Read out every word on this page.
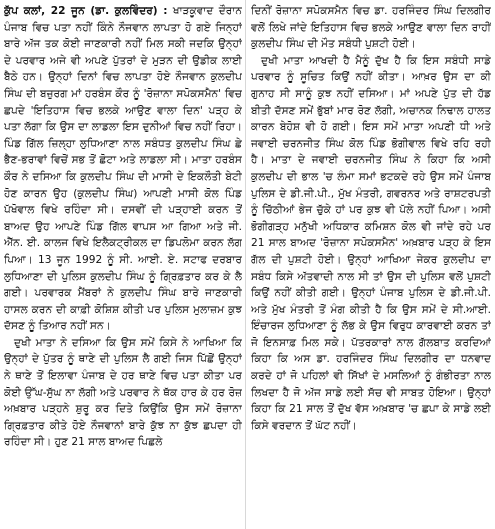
ਕੁੱਪ ਕਲਾਂ, 22 ਜੂਨ (ਡਾ. ਕੁਲਵਿੰਦਰ) : ਖਾੜਕੂਵਾਦ ਦੌਰਾਨ ਪੰਜਾਬ ਵਿਚ ਪਤਾ ਨਹੀਂ ਕਿੰਨੇ ਨੌਜਵਾਨ ਲਾਪਤਾ ਹੋ ਗਏ ਜਿਨ੍ਹਾਂ ਬਾਰੇ ਅੱਜ ਤਕ ਕੋਈ ਜਾਣਕਾਰੀ ਨਹੀਂ ਮਿਲ ਸਕੀ ਜਦਕਿ ਉਨ੍ਹਾਂ ਦੇ ਪਰਵਾਰ ਅਜੇ ਵੀ ਅਪਣੇ ਪੁੱਤਰਾਂ ਦੇ ਮੁੜਨ ਦੀ ਉਡੀਕ ਲਾਈ ਬੈਠੇ ਹਨ। ਉਨ੍ਹਾਂ ਦਿਨਾਂ ਵਿਚ ਲਾਪਤਾ ਹੋਏ ਨੌਜਵਾਨ ਕੁਲਦੀਪ ਸਿੰਘ ਦੀ ਬਜ਼ੁਰਗ ਮਾਂ ਹਰਬੰਸ ਕੌਰ ਨੂੰ 'ਰੋਜ਼ਾਨਾ ਸਪੋਕਸਮੈਨ' ਵਿਚ ਛਪਦੇ 'ਇਤਿਹਾਸ ਵਿਚ ਭਲਕੇ ਆਉਣ ਵਾਲਾ ਦਿਨ' ਪੜ੍ਹ ਕੇ ਪਤਾ ਲੱਗਾ ਕਿ ਉਸ ਦਾ ਲਾਡਲਾ ਇਸ ਦੁਨੀਆਂ ਵਿਚ ਨਹੀਂ ਰਿਹਾ। ਪਿੰਡ ਗਿੱਲ ਜ਼ਿਲ੍ਹਾ ਲੁਧਿਆਣਾ ਨਾਲ ਸਬੰਧਤ ਕੁਲਦੀਪ ਸਿੰਘ ਛੇ ਭੈਣ-ਭਰਾਵਾਂ ਵਿਚੋਂ ਸਭ ਤੋਂ ਛੋਟਾ ਅਤੇ ਲਾਡਲਾ ਸੀ। ਮਾਤਾ ਹਰਬੰਸ ਕੌਰ ਨੇ ਦਸਿਆ ਕਿ ਕੁਲਦੀਪ ਸਿੰਘ ਦੀ ਮਾਸੀ ਦੇ ਇਕਲੌਤੀ ਬੇਟੀ ਹੋਣ ਕਾਰਨ ਉਹ (ਕੁਲਦੀਪ ਸਿੰਘ) ਆਪਣੀ ਮਾਸੀ ਕੋਲ ਪਿੰਡ ਪੱਖੋਵਾਲ ਵਿਖੇ ਰਹਿੰਦਾ ਸੀ। ਦਸਵੀਂ ਦੀ ਪੜ੍ਹਾਈ ਕਰਨ ਤੋਂ ਬਾਅਦ ਉਹ ਆਪਣੇ ਪਿੰਡ ਗਿੱਲ ਵਾਪਸ ਆ ਗਿਆ ਅਤੇ ਜੀ. ਐੱਨ. ਈ. ਕਾਲਜ ਵਿਖੇ ਇਲੈਕਟ੍ਰੀਕਲ ਦਾ ਡਿਪਲੋਮਾ ਕਰਨ ਲੱਗ ਪਿਆ। 13 ਜੂਨ 1992 ਨੂੰ ਸੀ. ਆਈ. ਏ. ਸਟਾਫ ਦਰਬਾਰ ਲੁਧਿਆਣਾ ਦੀ ਪੁਲਿਸ ਕੁਲਦੀਪ ਸਿੰਘ ਨੂੰ ਗ੍ਰਿਫ਼ਤਾਰ ਕਰ ਕੇ ਲੈ ਗਈ। ਪਰਵਾਰਕ ਮੈਂਬਰਾਂ ਨੇ ਕੁਲਦੀਪ ਸਿੰਘ ਬਾਰੇ ਜਾਣਕਾਰੀ ਹਾਸਲ ਕਰਨ ਦੀ ਕਾਫ਼ੀ ਕੋਸ਼ਿਸ਼ ਕੀਤੀ ਪਰ ਪੁਲਿਸ ਮੁਲਾਜ਼ਮ ਕੁਝ ਦੱਸਣ ਨੂੰ ਤਿਆਰ ਨਹੀਂ ਸਨ।

ਦੁਖੀ ਮਾਤਾ ਨੇ ਦਸਿਆ ਕਿ ਉਸ ਸਮੇਂ ਕਿਸੇ ਨੇ ਆਖਿਆ ਕਿ ਉਨ੍ਹਾਂ ਦੇ ਪੁੱਤਰ ਨੂੰ ਥਾਣੇ ਦੀ ਪੁਲਿਸ ਲੈ ਗਈ ਜਿਸ ਪਿੱਛੋਂ ਉਨ੍ਹਾਂ ਨੇ ਥਾਣੇ ਤੋਂ ਇਲਾਵਾ ਪੰਜਾਬ ਦੇ ਹਰ ਥਾਣੇ ਵਿਚ ਪਤਾ ਕੀਤਾ ਪਰ ਕੋਈ ਉੱਘ-ਸੁੱਘ ਨਾ ਲੱਗੀ ਅਤੇ ਪਰਵਾਰ ਨੇ ਥੱਕ ਹਾਰ ਕੇ ਹਰ ਰੋਜ਼ ਅਖ਼ਬਾਰ ਪੜ੍ਹਨੇ ਸ਼ੁਰੂ ਕਰ ਦਿਤੇ ਕਿਉਂਕਿ ਉਸ ਸਮੇਂ ਰੋਜ਼ਾਨਾ ਗ੍ਰਿਫ਼ਤਾਰ ਕੀਤੇ ਹੋਏ ਨੌਜਵਾਨਾਂ ਬਾਰੇ ਕੁੱਝ ਨਾ ਕੁੱਝ ਛਪਦਾ ਹੀ ਰਹਿੰਦਾ ਸੀ। ਹੁਣ 21 ਸਾਲ ਬਾਅਦ ਪਿਛਲੇ

ਦਿਨੀਂ ਰੋਜ਼ਾਨਾ ਸਪੋਕਸਮੈਨ ਵਿਚ ਡਾ. ਹਰਜਿੰਦਰ ਸਿੰਘ ਦਿਲਗੀਰ ਵਲੋਂ ਲਿਖੇ ਜਾਂਦੇ ਇਤਿਹਾਸ ਵਿਚ ਭਲਕੇ ਆਉਣ ਵਾਲਾ ਦਿਨ ਰਾਹੀਂ ਕੁਲਦੀਪ ਸਿੰਘ ਦੀ ਮੌਤ ਸਬੰਧੀ ਪੁਸ਼ਟੀ ਹੋਈ।

ਦੁਖੀ ਮਾਤਾ ਆਖਦੀ ਹੈ ਮੈਨੂੰ ਦੁੱਖ ਹੈ ਕਿ ਇਸ ਸਬੰਧੀ ਸਾਡੇ ਪਰਵਾਰ ਨੂੰ ਸੂਚਿਤ ਕਿਉਂ ਨਹੀਂ ਕੀਤਾ। ਆਖ਼ਰ ਉਸ ਦਾ ਕੀ ਗੁਨਾਹ ਸੀ ਸਾਨੂੰ ਕੁਝ ਨਹੀਂ ਦਸਿਆ। ਮਾਂ ਅਪਣੇ ਪੁੱਤ ਦੀ ਹੱਡ ਬੀਤੀ ਦੱਸਣ ਸਮੇਂ ਭੁੱਬਾਂ ਮਾਰ ਰੋਣ ਲੱਗੀ, ਅਚਾਨਕ ਨਿਢਾਲ ਹਾਲਤ ਕਾਰਨ ਬੇਹੋਸ਼ ਵੀ ਹੋ ਗਈ। ਇਸ ਸਮੇਂ ਮਾਤਾ ਅਪਣੀ ਧੀ ਅਤੇ ਜਵਾਈ ਚਰਨਜੀਤ ਸਿੰਘ ਕੋਲ ਪਿੰਡ ਭੋਗੀਵਾਲ ਵਿਖੇ ਰਹਿ ਰਹੀ ਹੈ। ਮਾਤਾ ਦੇ ਜਵਾਈ ਚਰਨਜੀਤ ਸਿੰਘ ਨੇ ਕਿਹਾ ਕਿ ਅਸੀ ਕੁਲਦੀਪ ਦੀ ਭਾਲ 'ਚ ਲੰਮਾ ਸਮਾਂ ਭਟਕਦੇ ਰਹੇ ਉਸ ਸਮੇਂ ਪੰਜਾਬ ਪੁਲਿਸ ਦੇ ਡੀ.ਜੀ.ਪੀ., ਮੁੱਖ ਮੰਤਰੀ, ਗਵਰਨਰ ਅਤੇ ਰਾਸ਼ਟਰਪਤੀ ਨੂੰ ਚਿੱਠੀਆਂ ਭੇਜ ਚੁੱਕੇ ਹਾਂ ਪਰ ਕੁਝ ਵੀ ਪੱਲੇ ਨਹੀਂ ਪਿਆ। ਅਸੀ ਭੋਗੀਗੜ੍ਹ ਮਨੁੱਖੀ ਅਧਿਕਾਰ ਕਮਿਸ਼ਨ ਕੋਲ ਵੀ ਜਾਂਦੇ ਰਹੇ ਪਰ 21 ਸਾਲ ਬਾਅਦ 'ਰੋਜ਼ਾਨਾ ਸਪੋਕਸਮੈਨ' ਅਖ਼ਬਾਰ ਪੜ੍ਹ ਕੇ ਇਸ ਗੱਲ ਦੀ ਪੁਸ਼ਟੀ ਹੋਈ। ਉਨ੍ਹਾਂ ਆਖਿਆ ਜੇਕਰ ਕੁਲਦੀਪ ਦਾ ਸਬੰਧ ਕਿਸੇ ਅੱਤਵਾਦੀ ਨਾਲ ਸੀ ਤਾਂ ਉਸ ਦੀ ਪੁਲਿਸ ਵਲੋਂ ਪੁਸ਼ਟੀ ਕਿਉਂ ਨਹੀਂ ਕੀਤੀ ਗਈ। ਉਨ੍ਹਾਂ ਪੰਜਾਬ ਪੁਲਿਸ ਦੇ ਡੀ.ਜੀ.ਪੀ. ਅਤੇ ਮੁੱਖ ਮੰਤਰੀ ਤੋਂ ਮੰਗ ਕੀਤੀ ਹੈ ਕਿ ਉਸ ਸਮੇਂ ਦੇ ਸੀ.ਆਈ. ਇੰਚਾਰਜ ਲੁਧਿਆਣਾ ਨੂੰ ਲੱਭ ਕੇ ਉਸ ਵਿਰੁਧ ਕਾਰਵਾਈ ਕਰਨ ਤਾਂ ਜੋ ਇਨਸਾਫ਼ ਮਿਲ ਸਕੇ। ਪੱਤਰਕਾਰਾਂ ਨਾਲ ਗੱਲਬਾਤ ਕਰਦਿਆਂ ਕਿਹਾ ਕਿ ਅਸ ਡਾ. ਹਰਜਿੰਦਰ ਸਿੰਘ ਦਿਲਗੀਰ ਦਾ ਧਨਵਾਦ ਕਰਦੇ ਹਾਂ ਜੋ ਪਹਿਲਾਂ ਵੀ ਸਿੱਖਾਂ ਦੇ ਮਸਲਿਆਂ ਨੂੰ ਗੰਭੀਰਤਾ ਨਾਲ ਲਿਖਦਾ ਹੈ ਜੋ ਅੱਜ ਸਾਡੇ ਲਈ ਸੱਚ ਵੀ ਸਾਬਤ ਹੋਇਆ। ਉਨ੍ਹਾਂ ਕਿਹਾ ਕਿ 21 ਸਾਲ ਤੋਂ ਦੁੱਖ ਵੱਸ ਅਖ਼ਬਾਰ 'ਚ ਛਪਾ ਕੇ ਸਾਡੇ ਲਈ ਕਿਸੇ ਵਰਦਾਨ ਤੋਂ ਘੱਟ ਨਹੀਂ।
